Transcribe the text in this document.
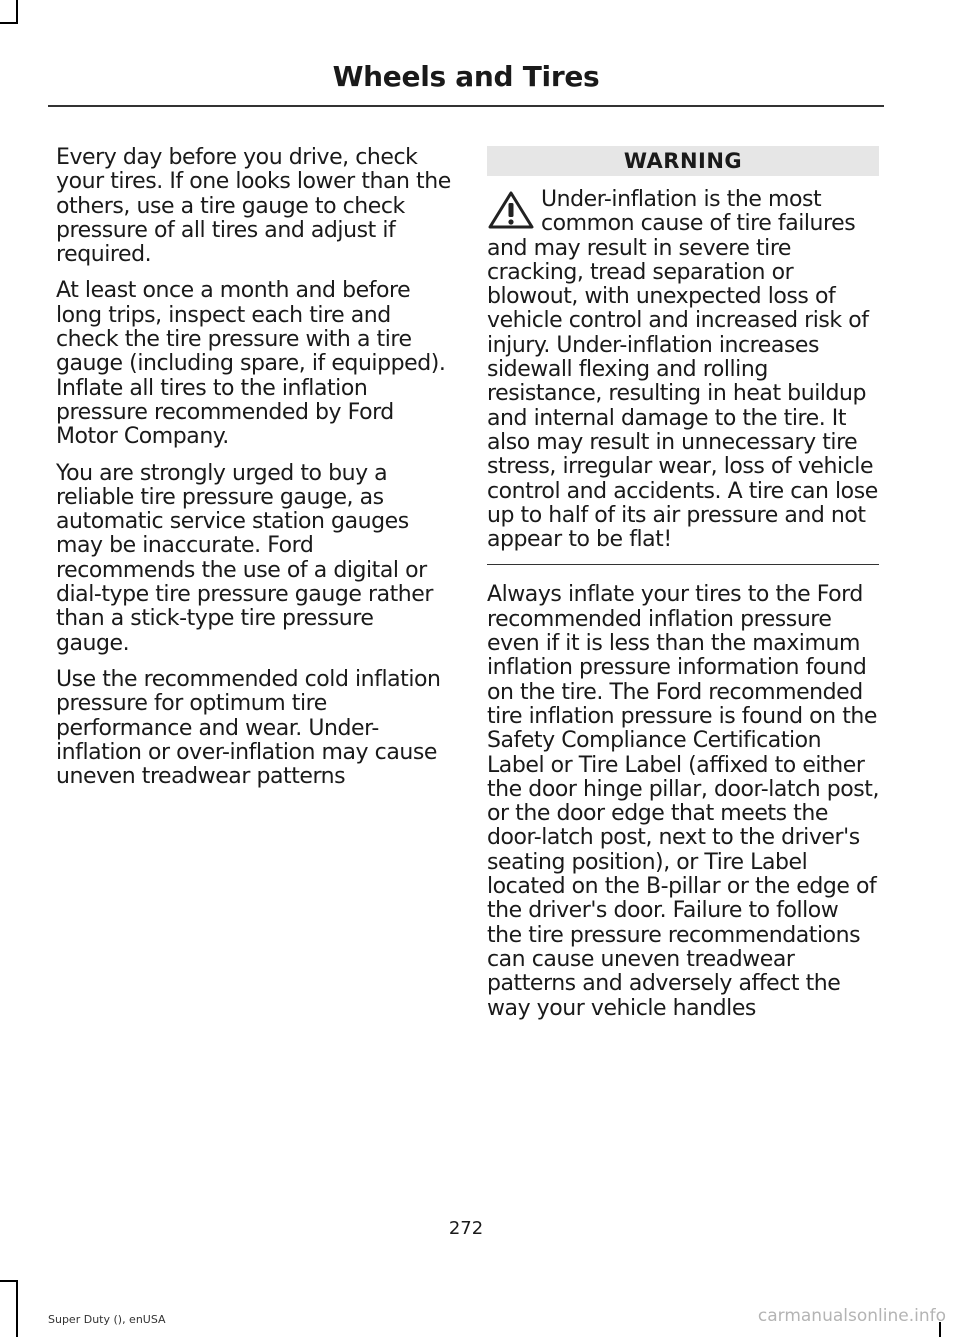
Wheels and Tires

Every day before you drive, check your tires. If one looks lower than the others, use a tire gauge to check pressure of all tires and adjust if required.

At least once a month and before long trips, inspect each tire and check the tire pressure with a tire gauge (including spare, if equipped). Inflate all tires to the inflation pressure recommended by Ford Motor Company.

You are strongly urged to buy a reliable tire pressure gauge, as automatic service station gauges may be inaccurate. Ford recommends the use of a digital or dial-type tire pressure gauge rather than a stick-type tire pressure gauge.

Use the recommended cold inflation pressure for optimum tire performance and wear. Under-inflation or over-inflation may cause uneven treadwear patterns

WARNING

Under-inflation is the most common cause of tire failures and may result in severe tire cracking, tread separation or blowout, with unexpected loss of vehicle control and increased risk of injury. Under-inflation increases sidewall flexing and rolling resistance, resulting in heat buildup and internal damage to the tire. It also may result in unnecessary tire stress, irregular wear, loss of vehicle control and accidents. A tire can lose up to half of its air pressure and not appear to be flat!

Always inflate your tires to the Ford recommended inflation pressure even if it is less than the maximum inflation pressure information found on the tire. The Ford recommended tire inflation pressure is found on the Safety Compliance Certification Label or Tire Label (affixed to either the door hinge pillar, door-latch post, or the door edge that meets the door-latch post, next to the driver's seating position), or Tire Label located on the B-pillar or the edge of the driver's door. Failure to follow the tire pressure recommendations can cause uneven treadwear patterns and adversely affect the way your vehicle handles

272
Super Duty (), enUSA	carmanualsonline.info
